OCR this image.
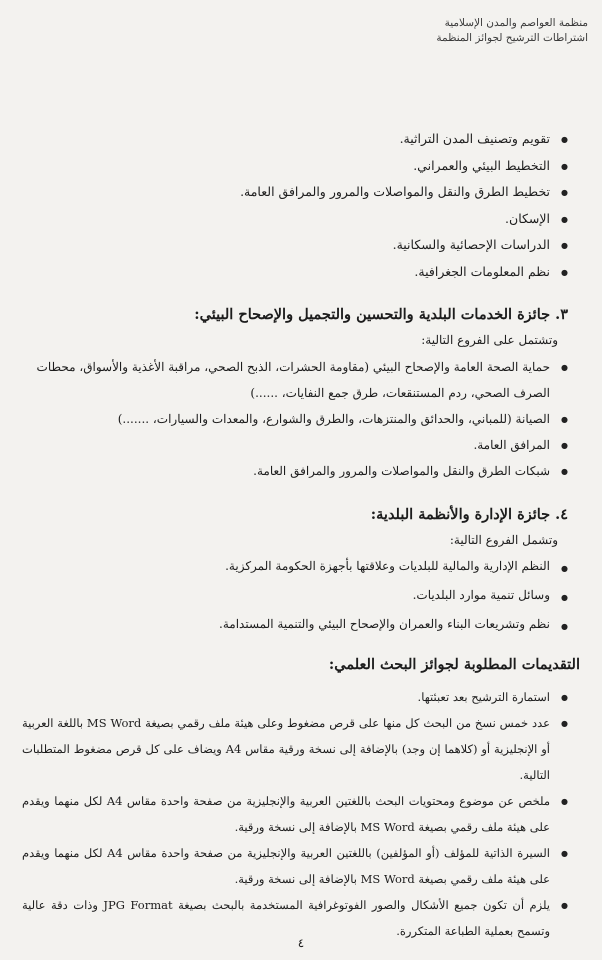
منظمة العواصم والمدن الإسلامية
اشتراطات الترشيح لجوائز المنظمة
● تقويم وتصنيف المدن التراثية.
● التخطيط البيئي والعمراني.
● تخطيط الطرق والنقل والمواصلات والمرور والمرافق العامة.
● الإسكان.
● الدراسات الإحصائية والسكانية.
● نظم المعلومات الجغرافية.
٣. جائزة الخدمات البلدية والتحسين والتجميل والإصحاح البيئي:
وتشتمل على الفروع التالية:
● حماية الصحة العامة والإصحاح البيئي (مقاومة الحشرات، الذبح الصحي، مراقبة الأغذية والأسواق، محطات الصرف الصحي، ردم المستنقعات، طرق جمع النفايات، ......)
● الصيانة (للمباني، والحدائق والمنتزهات، والطرق والشوارع، والمعدات والسيارات، .......)
● المرافق العامة.
● شبكات الطرق والنقل والمواصلات والمرور والمرافق العامة.
٤. جائزة الإدارة والأنظمة البلدية:
وتشمل الفروع التالية:
● النظم الإدارية والمالية للبلديات وعلاقتها بأجهزة الحكومة المركزية.
● وسائل تنمية موارد البلديات.
● نظم وتشريعات البناء والعمران والإصحاح البيئي والتنمية المستدامة.
التقديمات المطلوبة لجوائز البحث العلمي:
● استمارة الترشيح بعد تعبئتها.
● عدد خمس نسخ من البحث كل منها على قرص مضغوط وعلى هيئة ملف رقمي بصيغة MS Word باللغة العربية أو الإنجليزية أو (كلاهما إن وجد) بالإضافة إلى نسخة ورقية مقاس A4 ويضاف على كل قرص مضغوط المتطلبات التالية.
● ملخص عن موضوع ومحتويات البحث باللغتين العربية والإنجليزية من صفحة واحدة مقاس A4 لكل منهما ويقدم على هيئة ملف رقمي بصيغة MS Word بالإضافة إلى نسخة ورقية.
● السيرة الذاتية للمؤلف (أو المؤلفين) باللغتين العربية والإنجليزية من صفحة واحدة مقاس A4 لكل منهما ويقدم على هيئة ملف رقمي بصيغة MS Word بالإضافة إلى نسخة ورقية.
● يلزم أن تكون جميع الأشكال والصور الفوتوغرافية المستخدمة بالبحث بصيغة JPG Format وذات دقة عالية وتسمح بعملية الطباعة المتكررة.
٤
